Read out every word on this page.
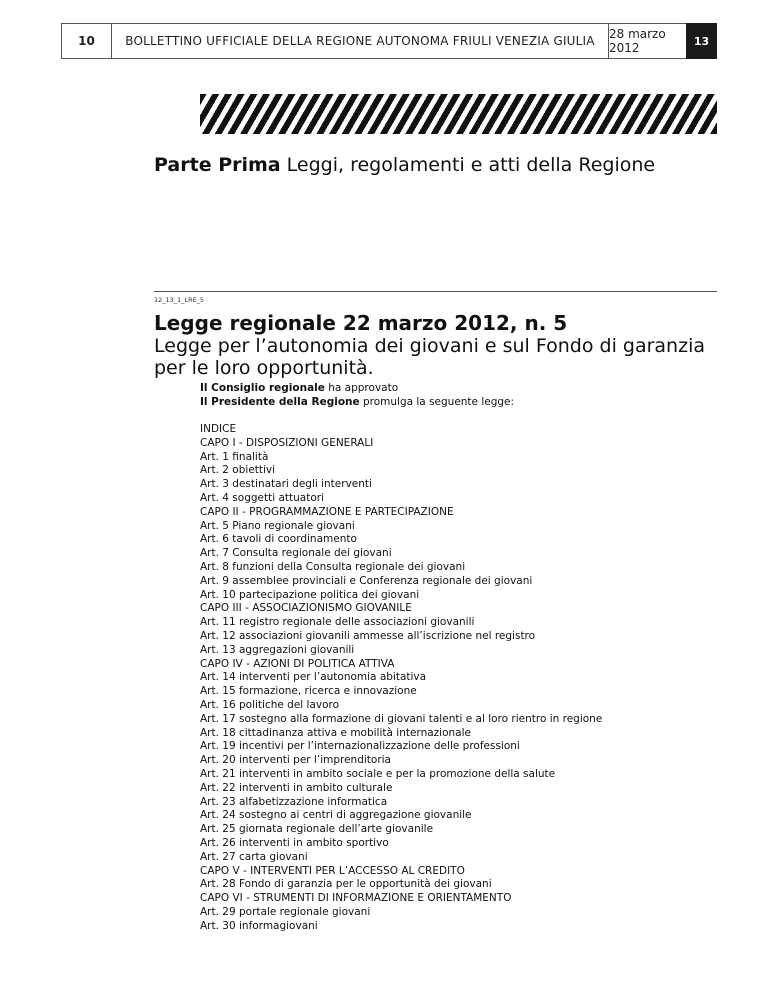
10	BOLLETTINO UFFICIALE DELLA REGIONE AUTONOMA FRIULI VENEZIA GIULIA	28 marzo 2012	13
Parte Prima Leggi, regolamenti e atti della Regione
12_13_1_LRE_5
Legge regionale 22 marzo 2012, n. 5
Legge per l’autonomia dei giovani e sul Fondo di garanzia per le loro opportunità.
Il Consiglio regionale ha approvato
Il Presidente della Regione promulga la seguente legge:
INDICE
CAPO I - DISPOSIZIONI GENERALI
Art. 1 finalità
Art. 2 obiettivi
Art. 3 destinatari degli interventi
Art. 4 soggetti attuatori
CAPO II - PROGRAMMAZIONE E PARTECIPAZIONE
Art. 5 Piano regionale giovani
Art. 6 tavoli di coordinamento
Art. 7 Consulta regionale dei giovani
Art. 8 funzioni della Consulta regionale dei giovani
Art. 9 assemblee provinciali e Conferenza regionale dei giovani
Art. 10 partecipazione politica dei giovani
CAPO III - ASSOCIAZIONISMO GIOVANILE
Art. 11 registro regionale delle associazioni giovanili
Art. 12 associazioni giovanili ammesse all’iscrizione nel registro
Art. 13 aggregazioni giovanili
CAPO IV - AZIONI DI POLITICA ATTIVA
Art. 14 interventi per l’autonomia abitativa
Art. 15 formazione, ricerca e innovazione
Art. 16 politiche del lavoro
Art. 17 sostegno alla formazione di giovani talenti e al loro rientro in regione
Art. 18 cittadinanza attiva e mobilità internazionale
Art. 19 incentivi per l’internazionalizzazione delle professioni
Art. 20 interventi per l’imprenditoria
Art. 21 interventi in ambito sociale e per la promozione della salute
Art. 22 interventi in ambito culturale
Art. 23 alfabetizzazione informatica
Art. 24 sostegno ai centri di aggregazione giovanile
Art. 25 giornata regionale dell’arte giovanile
Art. 26 interventi in ambito sportivo
Art. 27 carta giovani
CAPO V - INTERVENTI PER L’ACCESSO AL CREDITO
Art. 28 Fondo di garanzia per le opportunità dei giovani
CAPO VI - STRUMENTI DI INFORMAZIONE E ORIENTAMENTO
Art. 29 portale regionale giovani
Art. 30 informagiovani
